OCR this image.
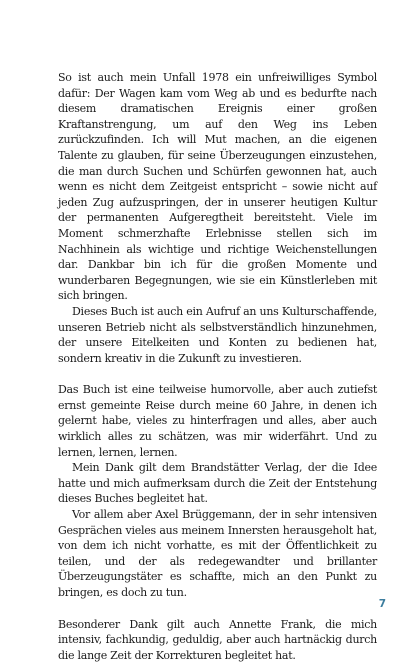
So ist auch mein Unfall 1978 ein unfreiwilliges Symbol dafür: Der Wagen kam vom Weg ab und es bedurfte nach diesem dramatischen Ereignis einer großen Kraftanstrengung, um auf den Weg ins Leben zurückzufinden. Ich will Mut machen, an die eigenen Talente zu glauben, für seine Überzeugungen einzustehen, die man durch Suchen und Schürfen gewonnen hat, auch wenn es nicht dem Zeitgeist entspricht – sowie nicht auf jeden Zug aufzuspringen, der in unserer heutigen Kultur der permanenten Aufgeregtheit bereitsteht. Viele im Moment schmerzhafte Erlebnisse stellen sich im Nachhinein als wichtige und richtige Weichenstellungen dar. Dankbar bin ich für die großen Momente und wunderbaren Begegnungen, wie sie ein Künstlerleben mit sich bringen.

Dieses Buch ist auch ein Aufruf an uns Kulturschaffende, unseren Betrieb nicht als selbstverständlich hinzunehmen, der unsere Eitelkeiten und Konten zu bedienen hat, sondern kreativ in die Zukunft zu investieren.

Das Buch ist eine teilweise humorvolle, aber auch zutiefst ernst gemeinte Reise durch meine 60 Jahre, in denen ich gelernt habe, vieles zu hinterfragen und alles, aber auch wirklich alles zu schätzen, was mir widerfährt. Und zu lernen, lernen, lernen.

Mein Dank gilt dem Brandstätter Verlag, der die Idee hatte und mich aufmerksam durch die Zeit der Entstehung dieses Buches begleitet hat.

Vor allem aber Axel Brüggemann, der in sehr intensiven Gesprächen vieles aus meinem Innersten herausgeholt hat, von dem ich nicht vorhatte, es mit der Öffentlichkeit zu teilen, und der als redegewandter und brillanter Überzeugungstäter es schaffte, mich an den Punkt zu bringen, es doch zu tun.

Besonderer Dank gilt auch Annette Frank, die mich intensiv, fachkundig, geduldig, aber auch hartnäckig durch die lange Zeit der Korrekturen begleitet hat.

7
